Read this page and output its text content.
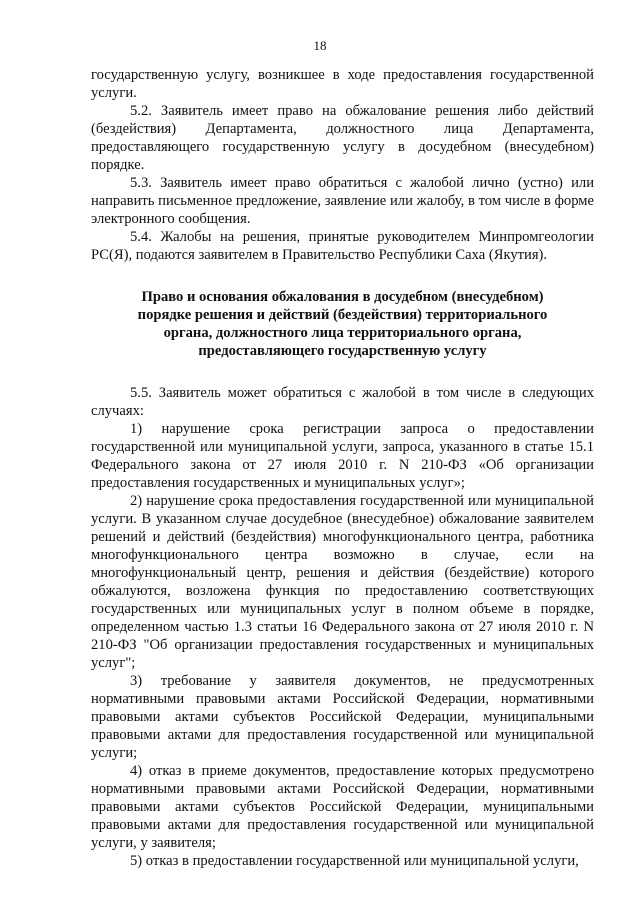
18

государственную услугу, возникшее в ходе предоставления государственной услуги.

5.2. Заявитель имеет право на обжалование решения либо действий (бездействия) Департамента, должностного лица Департамента, предоставляющего государственную услугу в досудебном (внесудебном) порядке.

5.3. Заявитель имеет право обратиться с жалобой лично (устно) или направить письменное предложение, заявление или жалобу, в том числе в форме электронного сообщения.

5.4. Жалобы на решения, принятые руководителем Минпромгеологии РС(Я), подаются заявителем в Правительство Республики Саха (Якутия).

Право и основания обжалования в досудебном (внесудебном)
порядке решения и действий (бездействия) территориального
органа, должностного лица территориального органа,
предоставляющего государственную услугу

5.5. Заявитель может обратиться с жалобой в том числе в следующих случаях:

1) нарушение срока регистрации запроса о предоставлении государственной или муниципальной услуги, запроса, указанного в статье 15.1 Федерального закона от 27 июля 2010 г. N 210-ФЗ «Об организации предоставления государственных и муниципальных услуг»;

2) нарушение срока предоставления государственной или муниципальной услуги. В указанном случае досудебное (внесудебное) обжалование заявителем решений и действий (бездействия) многофункционального центра, работника многофункционального центра возможно в случае, если на многофункциональный центр, решения и действия (бездействие) которого обжалуются, возложена функция по предоставлению соответствующих государственных или муниципальных услуг в полном объеме в порядке, определенном частью 1.3 статьи 16 Федерального закона от 27 июля 2010 г. N 210-ФЗ "Об организации предоставления государственных и муниципальных услуг";

3) требование у заявителя документов, не предусмотренных нормативными правовыми актами Российской Федерации, нормативными правовыми актами субъектов Российской Федерации, муниципальными правовыми актами для предоставления государственной или муниципальной услуги;

4) отказ в приеме документов, предоставление которых предусмотрено нормативными правовыми актами Российской Федерации, нормативными правовыми актами субъектов Российской Федерации, муниципальными правовыми актами для предоставления государственной или муниципальной услуги, у заявителя;

5) отказ в предоставлении государственной или муниципальной услуги,
